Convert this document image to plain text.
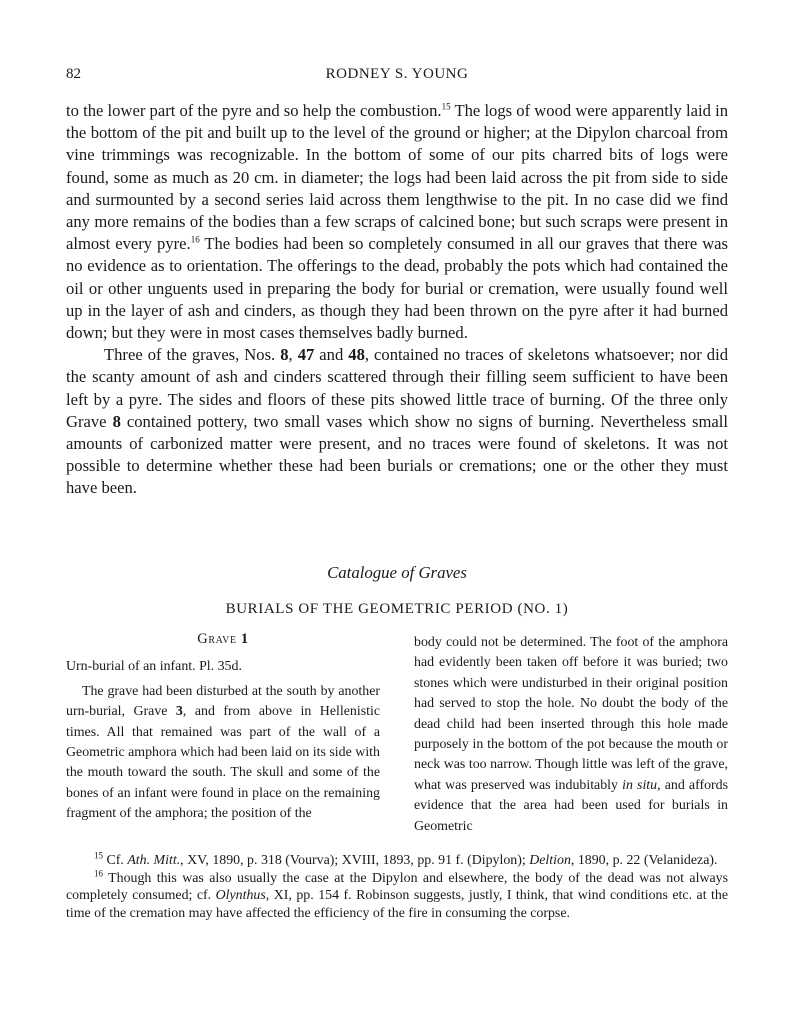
82	RODNEY S. YOUNG

to the lower part of the pyre and so help the combustion.$^{15}$ The logs of wood were apparently laid in the bottom of the pit and built up to the level of the ground or higher; at the Dipylon charcoal from vine trimmings was recognizable. In the bottom of some of our pits charred bits of logs were found, some as much as 20 cm. in diameter; the logs had been laid across the pit from side to side and surmounted by a second series laid across them lengthwise to the pit. In no case did we find any more remains of the bodies than a few scraps of calcined bone; but such scraps were present in almost every pyre.$^{16}$ The bodies had been so completely consumed in all our graves that there was no evidence as to orientation. The offerings to the dead, probably the pots which had contained the oil or other unguents used in preparing the body for burial or cremation, were usually found well up in the layer of ash and cinders, as though they had been thrown on the pyre after it had burned down; but they were in most cases themselves badly burned.

Three of the graves, Nos. 8, 47 and 48, contained no traces of skeletons whatsoever; nor did the scanty amount of ash and cinders scattered through their filling seem sufficient to have been left by a pyre. The sides and floors of these pits showed little trace of burning. Of the three only Grave 8 contained pottery, two small vases which show no signs of burning. Nevertheless small amounts of carbonized matter were present, and no traces were found of skeletons. It was not possible to determine whether these had been burials or cremations; one or the other they must have been.

Catalogue of Graves
BURIALS OF THE GEOMETRIC PERIOD (NO. 1)

Grave 1

Urn-burial of an infant. Pl. 35d.

The grave had been disturbed at the south by another urn-burial, Grave 3, and from above in Hellenistic times. All that remained was part of the wall of a Geometric amphora which had been laid on its side with the mouth toward the south. The skull and some of the bones of an infant were found in place on the remaining fragment of the amphora; the position of the

body could not be determined. The foot of the amphora had evidently been taken off before it was buried; two stones which were undisturbed in their original position had served to stop the hole. No doubt the body of the dead child had been inserted through this hole made purposely in the bottom of the pot because the mouth or neck was too narrow. Though little was left of the grave, what was preserved was indubitably in situ, and affords evidence that the area had been used for burials in Geometric

$^{15}$ Cf. Ath. Mitt., XV, 1890, p. 318 (Vourva); XVIII, 1893, pp. 91 f. (Dipylon); Deltion, 1890, p. 22 (Velanideza).

$^{16}$ Though this was also usually the case at the Dipylon and elsewhere, the body of the dead was not always completely consumed; cf. Olynthus, XI, pp. 154 f. Robinson suggests, justly, I think, that wind conditions etc. at the time of the cremation may have affected the efficiency of the fire in consuming the corpse.
